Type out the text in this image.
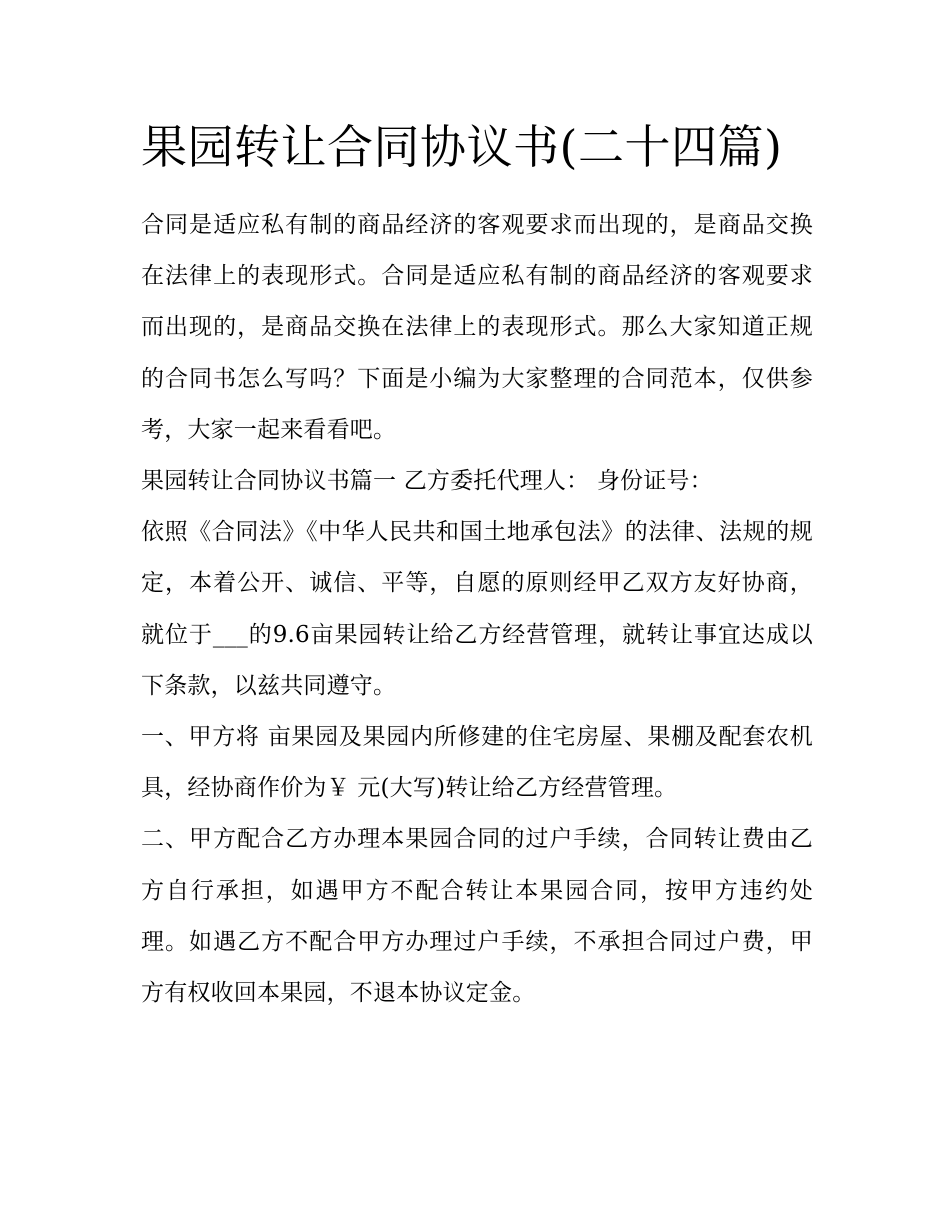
果园转让合同协议书(二十四篇)

合同是适应私有制的商品经济的客观要求而出现的，是商品交换在法律上的表现形式。合同是适应私有制的商品经济的客观要求而出现的，是商品交换在法律上的表现形式。那么大家知道正规的合同书怎么写吗？下面是小编为大家整理的合同范本，仅供参考，大家一起来看看吧。

果园转让合同协议书篇一 乙方委托代理人： 身份证号：

依照《合同法》《中华人民共和国土地承包法》的法律、法规的规定，本着公开、诚信、平等，自愿的原则经甲乙双方友好协商，就位于___的9.6亩果园转让给乙方经营管理，就转让事宜达成以下条款，以兹共同遵守。

一、甲方将 亩果园及果园内所修建的住宅房屋、果棚及配套农机具，经协商作价为￥ 元(大写)转让给乙方经营管理。

二、甲方配合乙方办理本果园合同的过户手续，合同转让费由乙方自行承担，如遇甲方不配合转让本果园合同，按甲方违约处理。如遇乙方不配合甲方办理过户手续，不承担合同过户费，甲方有权收回本果园，不退本协议定金。
